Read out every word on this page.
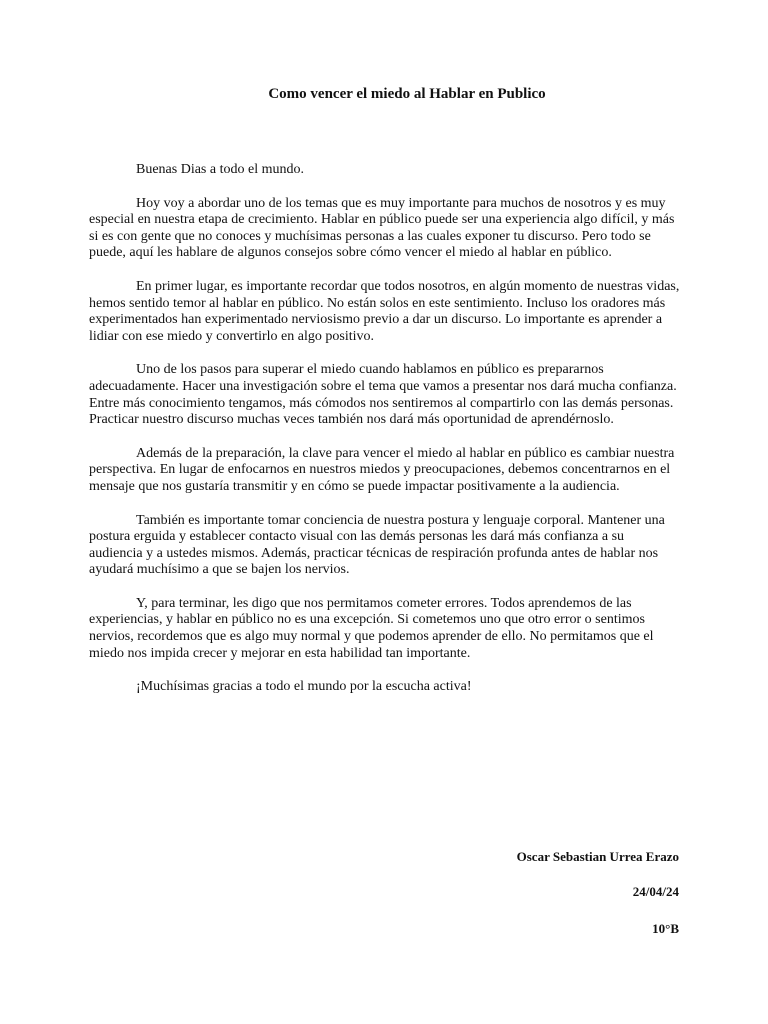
Como vencer el miedo al Hablar en Publico

Buenas Dias a todo el mundo.

Hoy voy a abordar uno de los temas que es muy importante para muchos de nosotros y es muy especial en nuestra etapa de crecimiento. Hablar en público puede ser una experiencia algo difícil, y más si es con gente que no conoces y muchísimas personas a las cuales exponer tu discurso. Pero todo se puede, aquí les hablare de algunos consejos sobre cómo vencer el miedo al hablar en público.

En primer lugar, es importante recordar que todos nosotros, en algún momento de nuestras vidas, hemos sentido temor al hablar en público. No están solos en este sentimiento. Incluso los oradores más experimentados han experimentado nerviosismo previo a dar un discurso. Lo importante es aprender a lidiar con ese miedo y convertirlo en algo positivo.

Uno de los pasos para superar el miedo cuando hablamos en público es prepararnos adecuadamente. Hacer una investigación sobre el tema que vamos a presentar nos dará mucha confianza. Entre más conocimiento tengamos, más cómodos nos sentiremos al compartirlo con las demás personas. Practicar nuestro discurso muchas veces también nos dará más oportunidad de aprendérnoslo.

Además de la preparación, la clave para vencer el miedo al hablar en público es cambiar nuestra perspectiva. En lugar de enfocarnos en nuestros miedos y preocupaciones, debemos concentrarnos en el mensaje que nos gustaría transmitir y en cómo se puede impactar positivamente a la audiencia.

También es importante tomar conciencia de nuestra postura y lenguaje corporal. Mantener una postura erguida y establecer contacto visual con las demás personas les dará más confianza a su audiencia y a ustedes mismos. Además, practicar técnicas de respiración profunda antes de hablar nos ayudará muchísimo a que se bajen los nervios.

Y, para terminar, les digo que nos permitamos cometer errores. Todos aprendemos de las experiencias, y hablar en público no es una excepción. Si cometemos uno que otro error o sentimos nervios, recordemos que es algo muy normal y que podemos aprender de ello. No permitamos que el miedo nos impida crecer y mejorar en esta habilidad tan importante.

¡Muchísimas gracias a todo el mundo por la escucha activa!

Oscar Sebastian Urrea Erazo

24/04/24

10°B
